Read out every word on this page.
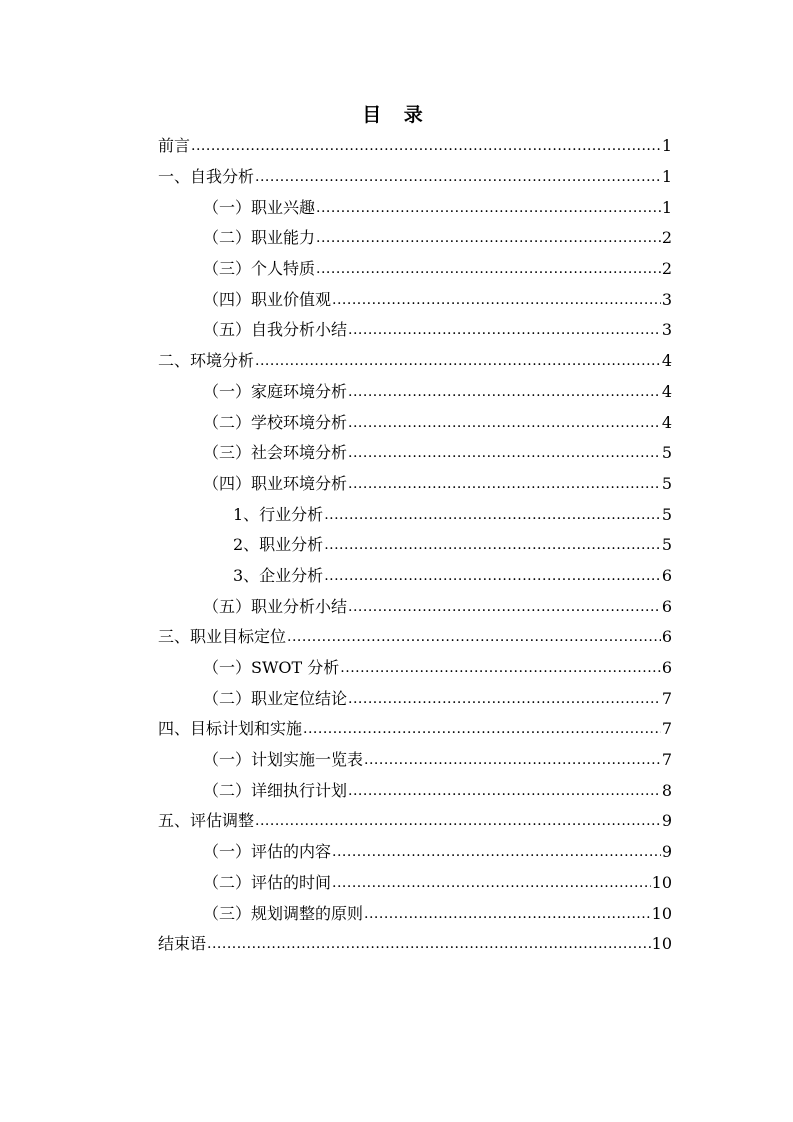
目 录
前言 .....	1
一、自我分析 .....	1
（一）职业兴趣 .....	1
（二）职业能力 .....	2
（三）个人特质 .....	2
（四）职业价值观 .....	3
（五）自我分析小结 .....	3
二、环境分析 .....	4
（一）家庭环境分析 .....	4
（二）学校环境分析 .....	4
（三）社会环境分析 .....	5
（四）职业环境分析 .....	5
1、行业分析 .....	5
2、职业分析 .....	5
3、企业分析 .....	6
（五）职业分析小结 .....	6
三、职业目标定位 .....	6
（一）SWOT 分析 .....	6
（二）职业定位结论 .....	7
四、目标计划和实施 .....	7
（一）计划实施一览表 .....	7
（二）详细执行计划 .....	8
五、评估调整 .....	9
（一）评估的内容 .....	9
（二）评估的时间 .....	10
（三）规划调整的原则 .....	10
结束语 .....	10
